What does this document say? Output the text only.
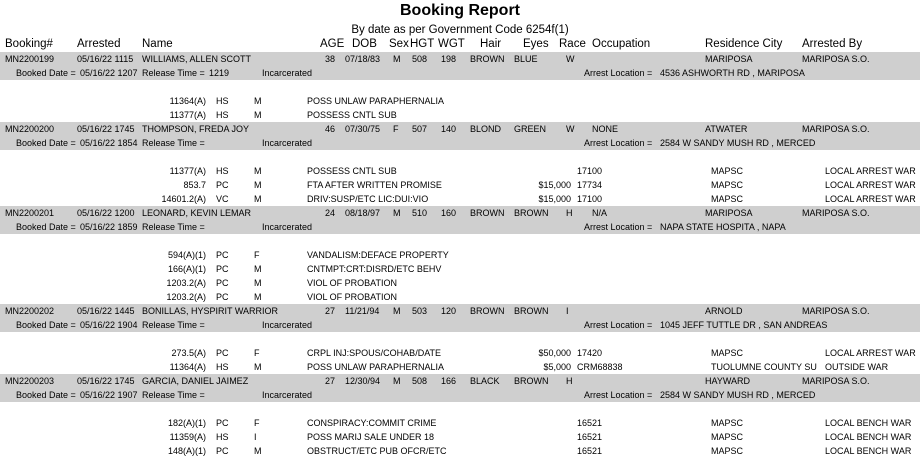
Booking Report
By date as per Government Code 6254f(1)
Booking# Arrested Name	AGE DOB Sex HGT WGT Hair Eyes Race Occupation	Residence City Arrested By
MN2200199	05/16/22 1115 WILLIAMS, ALLEN SCOTT	38 07/18/83 M 508 198 BROWN BLUE	W	MARIPOSA	MARIPOSA S.O.
Booked Date = 05/16/22 1207 Release Time = 1219	Incarcerated	Arrest Location = 4536 ASHWORTH RD , MARIPOSA
11364(A) HS	M	POSS UNLAW PARAPHERNALIA
11377(A) HS	M	POSSESS CNTL SUB
MN2200200	05/16/22 1745 THOMPSON, FREDA JOY	46 07/30/75 F 507 140 BLOND GREEN W NONE	ATWATER	MARIPOSA S.O.
Booked Date = 05/16/22 1854 Release Time =	Incarcerated	Arrest Location = 2584 W SANDY MUSH RD , MERCED
11377(A) HS	M	POSSESS CNTL SUB	17100	MAPSC	LOCAL ARREST WAR
853.7 PC	M	FTA AFTER WRITTEN PROMISE	$15,000 17734	MAPSC	LOCAL ARREST WAR
14601.2(A) VC	M	DRIV:SUSP/ETC LIC:DUI:VIO	$15,000 17100	MAPSC	LOCAL ARREST WAR
MN2200201	05/16/22 1200 LEONARD, KEVIN LEMAR	24 08/18/97 M 510 160 BROWN BROWN H N/A	MARIPOSA	MARIPOSA S.O.
Booked Date = 05/16/22 1859 Release Time =	Incarcerated	Arrest Location = NAPA STATE HOSPITA , NAPA
594(A)(1) PC	F	VANDALISM:DEFACE PROPERTY
166(A)(1) PC	M	CNTMPT:CRT:DISRD/ETC BEHV
1203.2(A) PC	M	VIOL OF PROBATION
1203.2(A) PC	M	VIOL OF PROBATION
MN2200202	05/16/22 1445 BONILLAS, HYSPIRIT WARRIOR	27 11/21/94 M 503 120 BROWN BROWN I	ARNOLD	MARIPOSA S.O.
Booked Date = 05/16/22 1904 Release Time =	Incarcerated	Arrest Location = 1045 JEFF TUTTLE DR , SAN ANDREAS
273.5(A) PC	F	CRPL INJ:SPOUS/COHAB/DATE	$50,000 17420	MAPSC	LOCAL ARREST WAR
11364(A) HS	M	POSS UNLAW PARAPHERNALIA	$5,000 CRM68838	TUOLUMNE COUNTY SU OUTSIDE WAR
MN2200203	05/16/22 1745 GARCIA, DANIEL JAIMEZ	27 12/30/94 M 508 166 BLACK BROWN H	HAYWARD	MARIPOSA S.O.
Booked Date = 05/16/22 1907 Release Time =	Incarcerated	Arrest Location = 2584 W SANDY MUSH RD , MERCED
182(A)(1) PC	F	CONSPIRACY:COMMIT CRIME	16521	MAPSC	LOCAL BENCH WAR
11359(A) HS	I	POSS MARIJ SALE UNDER 18	16521	MAPSC	LOCAL BENCH WAR
148(A)(1) PC	M	OBSTRUCT/ETC PUB OFCR/ETC	16521	MAPSC	LOCAL BENCH WAR
